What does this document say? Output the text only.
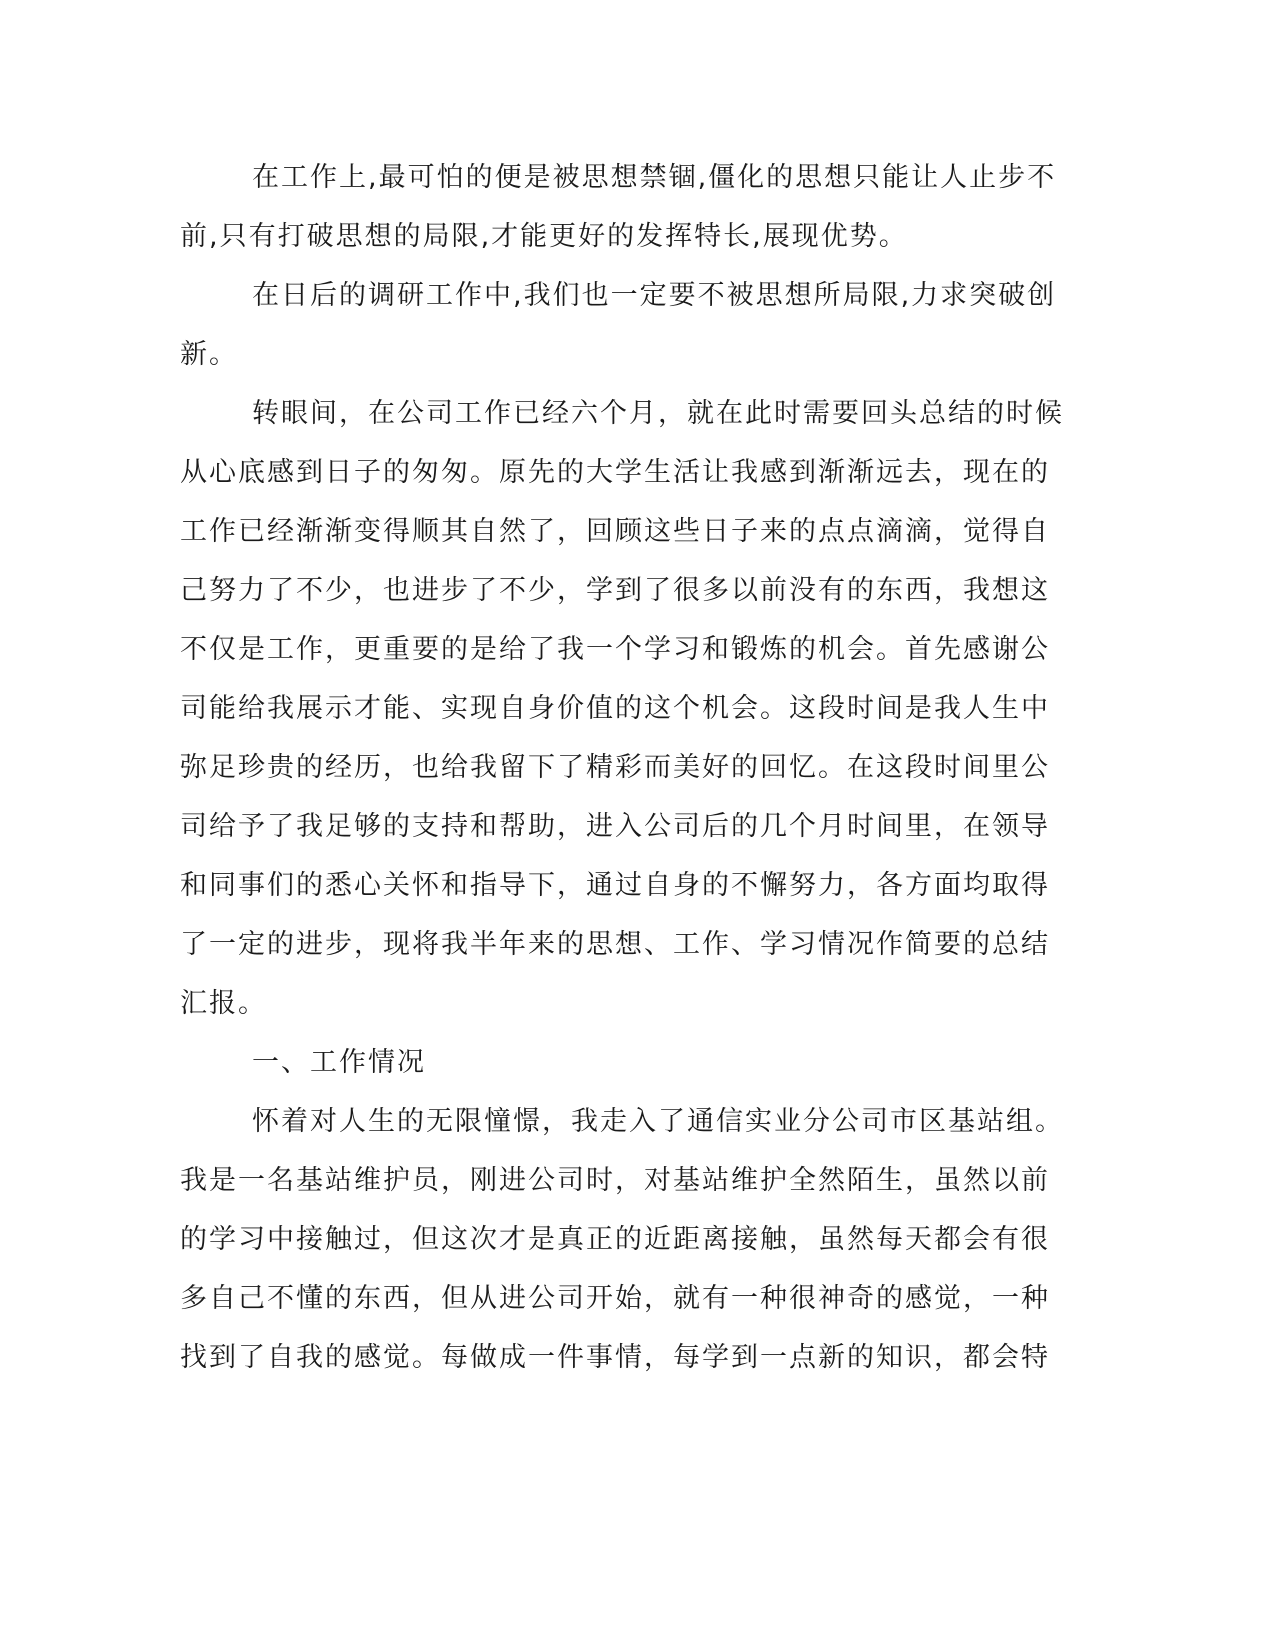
在工作上,最可怕的便是被思想禁锢,僵化的思想只能让人止步不
前,只有打破思想的局限,才能更好的发挥特长,展现优势。
在日后的调研工作中,我们也一定要不被思想所局限,力求突破创
新。
转眼间，在公司工作已经六个月，就在此时需要回头总结的时候
从心底感到日子的匆匆。原先的大学生活让我感到渐渐远去，现在的
工作已经渐渐变得顺其自然了，回顾这些日子来的点点滴滴，觉得自
己努力了不少，也进步了不少，学到了很多以前没有的东西，我想这
不仅是工作，更重要的是给了我一个学习和锻炼的机会。首先感谢公
司能给我展示才能、实现自身价值的这个机会。这段时间是我人生中
弥足珍贵的经历，也给我留下了精彩而美好的回忆。在这段时间里公
司给予了我足够的支持和帮助，进入公司后的几个月时间里，在领导
和同事们的悉心关怀和指导下，通过自身的不懈努力，各方面均取得
了一定的进步，现将我半年来的思想、工作、学习情况作简要的总结
汇报。
一、工作情况
怀着对人生的无限憧憬，我走入了通信实业分公司市区基站组。
我是一名基站维护员，刚进公司时，对基站维护全然陌生，虽然以前
的学习中接触过，但这次才是真正的近距离接触，虽然每天都会有很
多自己不懂的东西，但从进公司开始，就有一种很神奇的感觉，一种
找到了自我的感觉。每做成一件事情，每学到一点新的知识，都会特
